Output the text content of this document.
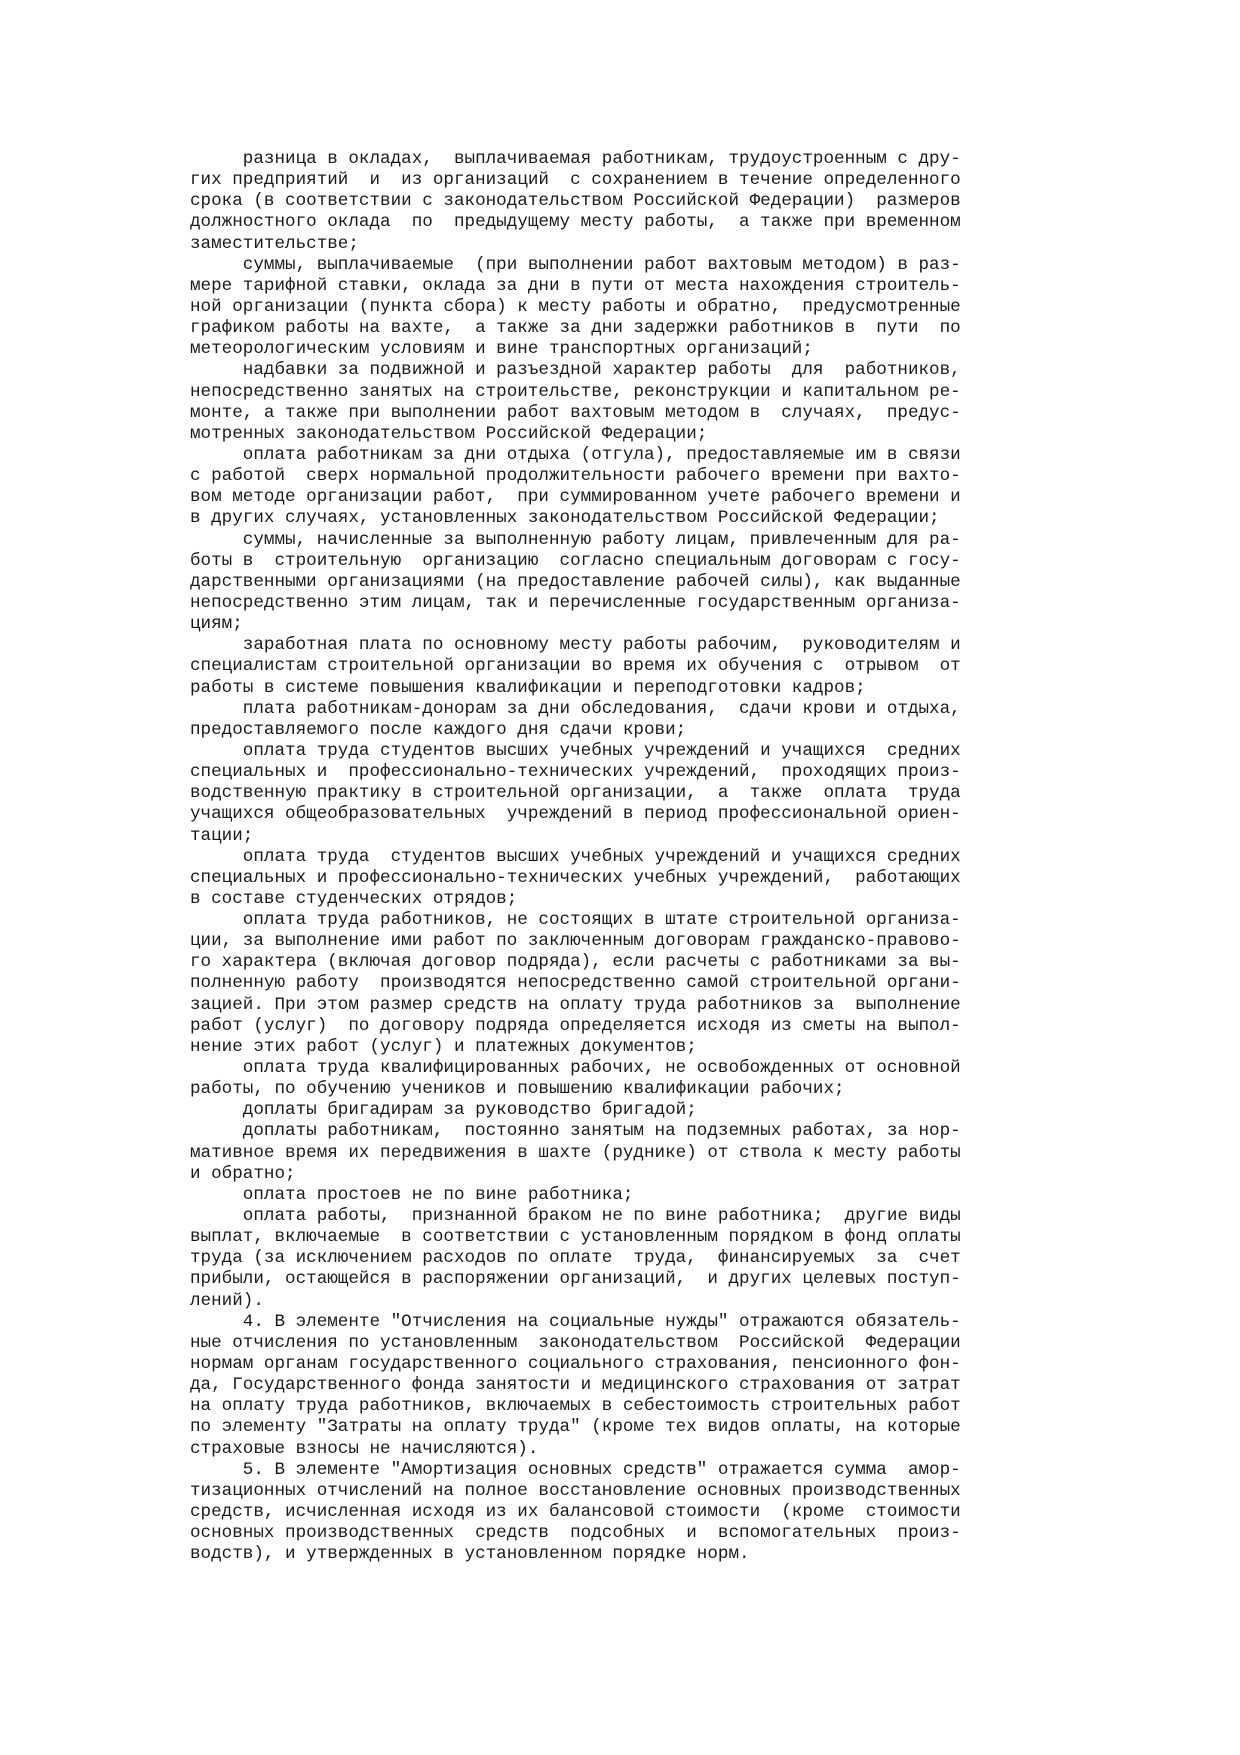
разница в окладах,  выплачиваемая работникам, трудоустроенным с дру-
гих предприятий  и  из организаций  с сохранением в течение определенного
срока (в соответствии с законодательством Российской Федерации)  размеров
должностного оклада  по  предыдущему месту работы,  а также при временном
заместительстве;
суммы, выплачиваемые  (при выполнении работ вахтовым методом) в раз-
мере тарифной ставки, оклада за дни в пути от места нахождения строитель-
ной организации (пункта сбора) к месту работы и обратно,  предусмотренные
графиком работы на вахте,  а также за дни задержки работников в  пути  по
метеорологическим условиям и вине транспортных организаций;
надбавки за подвижной и разъездной характер работы  для  работников,
непосредственно занятых на строительстве, реконструкции и капитальном ре-
монте, а также при выполнении работ вахтовым методом в  случаях,  предус-
мотренных законодательством Российской Федерации;
оплата работникам за дни отдыха (отгула), предоставляемые им в связи
с работой  сверх нормальной продолжительности рабочего времени при вахто-
вом методе организации работ,  при суммированном учете рабочего времени и
в других случаях, установленных законодательством Российской Федерации;
суммы, начисленные за выполненную работу лицам, привлеченным для ра-
боты в  строительную  организацию  согласно специальным договорам с госу-
дарственными организациями (на предоставление рабочей силы), как выданные
непосредственно этим лицам, так и перечисленные государственным организа-
циям;
заработная плата по основному месту работы рабочим,  руководителям и
специалистам строительной организации во время их обучения с  отрывом  от
работы в системе повышения квалификации и переподготовки кадров;
плата работникам-донорам за дни обследования,  сдачи крови и отдыха,
предоставляемого после каждого дня сдачи крови;
оплата труда студентов высших учебных учреждений и учащихся  средних
специальных и  профессионально-технических учреждений,  проходящих произ-
водственную практику в строительной организации,  а  также  оплата  труда
учащихся общеобразовательных  учреждений в период профессиональной ориен-
тации;
оплата труда  студентов высших учебных учреждений и учащихся средних
специальных и профессионально-технических учебных учреждений,  работающих
в составе студенческих отрядов;
оплата труда работников, не состоящих в штате строительной организа-
ции, за выполнение ими работ по заключенным договорам гражданско-правово-
го характера (включая договор подряда), если расчеты с работниками за вы-
полненную работу  производятся непосредственно самой строительной органи-
зацией. При этом размер средств на оплату труда работников за  выполнение
работ (услуг)  по договору подряда определяется исходя из сметы на выпол-
нение этих работ (услуг) и платежных документов;
оплата труда квалифицированных рабочих, не освобожденных от основной
работы, по обучению учеников и повышению квалификации рабочих;
доплаты бригадирам за руководство бригадой;
доплаты работникам,  постоянно занятым на подземных работах, за нор-
мативное время их передвижения в шахте (руднике) от ствола к месту работы
и обратно;
оплата простоев не по вине работника;
оплата работы,  признанной браком не по вине работника;  другие виды
выплат, включаемые  в соответствии с установленным порядком в фонд оплаты
труда (за исключением расходов по оплате  труда,  финансируемых  за  счет
прибыли, остающейся в распоряжении организаций,  и других целевых поступ-
лений).
4. В элементе "Отчисления на социальные нужды" отражаются обязатель-
ные отчисления по установленным  законодательством  Российской  Федерации
нормам органам государственного социального страхования, пенсионного фон-
да, Государственного фонда занятости и медицинского страхования от затрат
на оплату труда работников, включаемых в себестоимость строительных работ
по элементу "Затраты на оплату труда" (кроме тех видов оплаты, на которые
страховые взносы не начисляются).
5. В элементе "Амортизация основных средств" отражается сумма  амор-
тизационных отчислений на полное восстановление основных производственных
средств, исчисленная исходя из их балансовой стоимости  (кроме  стоимости
основных производственных  средств  подсобных  и  вспомогательных  произ-
водств), и утвержденных в установленном порядке норм.
